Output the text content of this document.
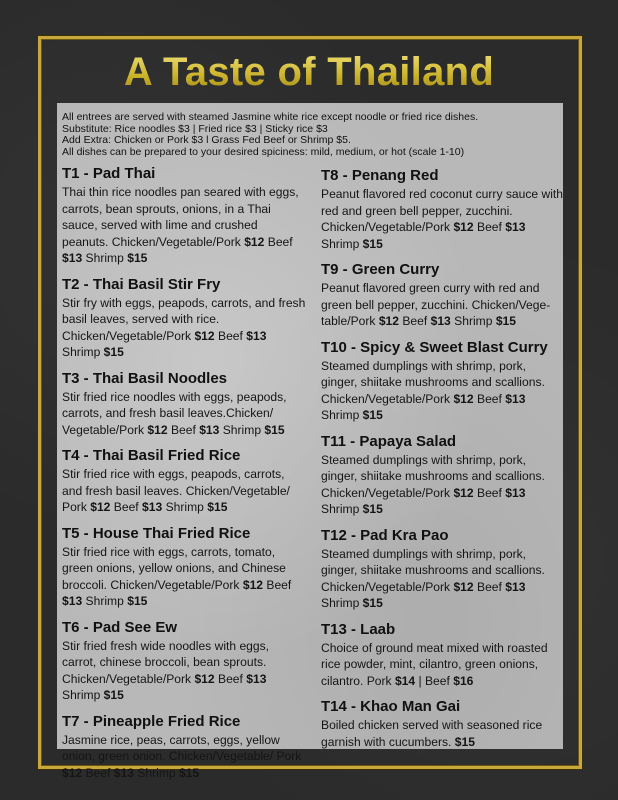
A Taste of Thailand
All entrees are served with steamed Jasmine white rice except noodle or fried rice dishes.
Substitute: Rice noodles $3 | Fried rice $3 | Sticky rice $3
Add Extra: Chicken or Pork $3 l Grass Fed Beef or Shrimp $5.
All dishes can be prepared to your desired spiciness: mild, medium, or hot (scale 1-10)
T1 - Pad Thai
Thai thin rice noodles pan seared with eggs, carrots, bean sprouts, onions, in a Thai sauce, served with lime and crushed peanuts. Chicken/Vegetable/Pork $12 Beef $13 Shrimp $15
T2 - Thai Basil Stir Fry
Stir fry with eggs, peapods, carrots, and fresh basil leaves, served with rice. Chicken/Vegetable/Pork $12 Beef $13 Shrimp $15
T3 - Thai Basil Noodles
Stir fried rice noodles with eggs, peapods, carrots, and fresh basil leaves.Chicken/ Vegetable/Pork $12 Beef $13 Shrimp $15
T4 - Thai Basil Fried Rice
Stir fried rice with eggs, peapods, carrots, and fresh basil leaves. Chicken/Vegetable/ Pork $12 Beef $13 Shrimp $15
T5 - House Thai Fried Rice
Stir fried rice with eggs, carrots, tomato, green onions, yellow onions, and Chinese broccoli. Chicken/Vegetable/Pork $12 Beef $13 Shrimp $15
T6 - Pad See Ew
Stir fried fresh wide noodles with eggs, carrot, chinese broccoli, bean sprouts. Chicken/Vegetable/Pork $12 Beef $13 Shrimp $15
T7 - Pineapple Fried Rice
Jasmine rice, peas, carrots, eggs, yellow onion, green onion. Chicken/Vegetable/ Pork $12 Beef $13 Shrimp $15
T8 - Penang Red
Peanut flavored red coconut curry sauce with red and green bell pepper, zucchini. Chicken/Vegetable/Pork $12 Beef $13 Shrimp $15
T9 - Green Curry
Peanut flavored green curry with red and green bell pepper, zucchini. Chicken/Vege- table/Pork $12 Beef $13 Shrimp $15
T10 - Spicy & Sweet Blast Curry
Steamed dumplings with shrimp, pork, ginger, shiitake mushrooms and scallions. Chicken/Vegetable/Pork $12 Beef $13 Shrimp $15
T11 - Papaya Salad
Steamed dumplings with shrimp, pork, ginger, shiitake mushrooms and scallions. Chicken/Vegetable/Pork $12 Beef $13 Shrimp $15
T12 - Pad Kra Pao
Steamed dumplings with shrimp, pork, ginger, shiitake mushrooms and scallions. Chicken/Vegetable/Pork $12 Beef $13 Shrimp $15
T13 - Laab
Choice of ground meat mixed with roasted rice powder, mint, cilantro, green onions, cilantro. Pork $14 | Beef $16
T14 - Khao Man Gai
Boiled chicken served with seasoned rice garnish with cucumbers. $15
